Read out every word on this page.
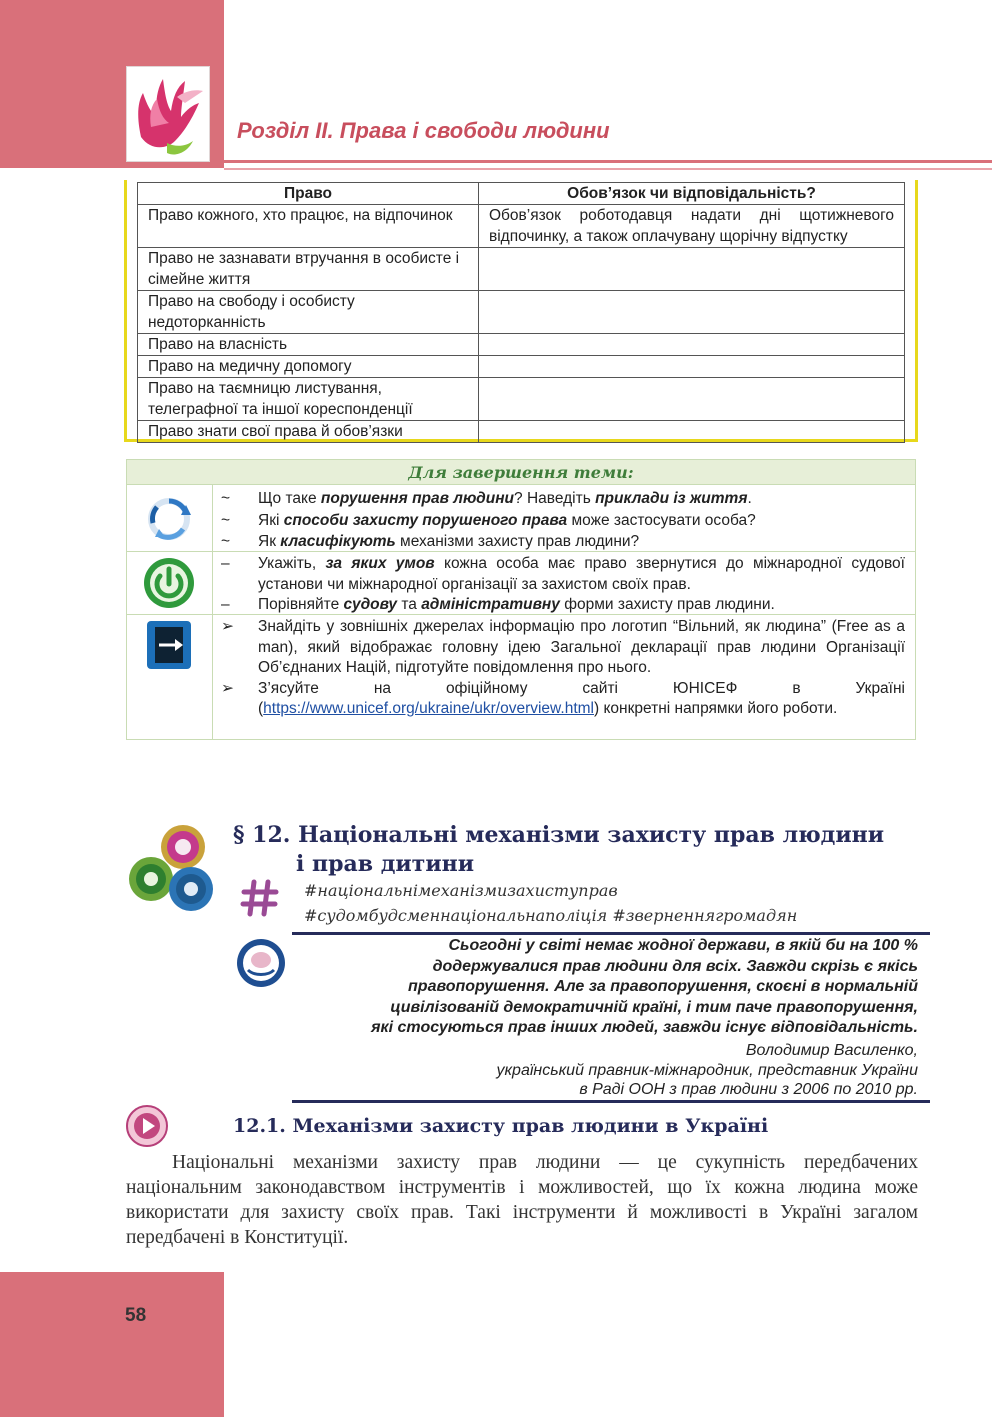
Розділ ІІ. Права і свободи людини
Право	Обов’язок чи відповідальність?
Право кожного, хто працює, на відпочинок	Обов’язок роботодавця надати дні щотижневого відпочинку, а також оплачувану щорічну відпустку
Право не зазнавати втручання в особисте і сімейне життя	
Право на свободу і особисту недоторканність	
Право на власність	
Право на медичну допомогу	
Право на таємницю листування, телеграфної та іншої кореспонденції	
Право знати свої права й обов’язки	
Для завершення теми:
~ Що таке порушення прав людини? Наведіть приклади із життя.
~ Які способи захисту порушеного права може застосувати особа?
~ Як класифікують механізми захисту прав людини?
– Укажіть, за яких умов кожна особа має право звернутися до міжнародної судової установи чи міжнародної організації за захистом своїх прав.
– Порівняйте судову та адміністративну форми захисту прав людини.
➢ Знайдіть у зовнішніх джерелах інформацію про логотип “Вільний, як людина” (Free as a man), який відображає головну ідею Загальної декларації прав людини Організації Об’єднаних Націй, підготуйте повідомлення про нього.
➢ З’ясуйте на офіційному сайті ЮНІСЕФ в Україні
(https://www.unicef.org/ukraine/ukr/overview.html) конкретні напрямки його роботи.
§ 12. Національні механізми захисту прав людини
і прав дитини
#національнімеханізмизахиступрав
#судомбудсменнаціональнаполіція #зверненнягромадян
Сьогодні у світі немає жодної держави, в якій би на 100 %
додержувалися прав людини для всіх. Завжди скрізь є якісь
правопорушення. Але за правопорушення, скоєні в нормальній
цивілізованій демократичній країні, і тим паче правопорушення,
які стосуються прав інших людей, завжди існує відповідальність.
Володимир Василенко,
український правник-міжнародник, представник України
в Раді ООН з прав людини з 2006 по 2010 рр.
12.1. Механізми захисту прав людини в Україні
Національні механізми захисту прав людини — це сукупність передбачених національним законодавством інструментів і можливостей, що їх кожна людина може використати для захисту своїх прав. Такі інструменти й можливості в Україні загалом передбачені в Конституції.
58
